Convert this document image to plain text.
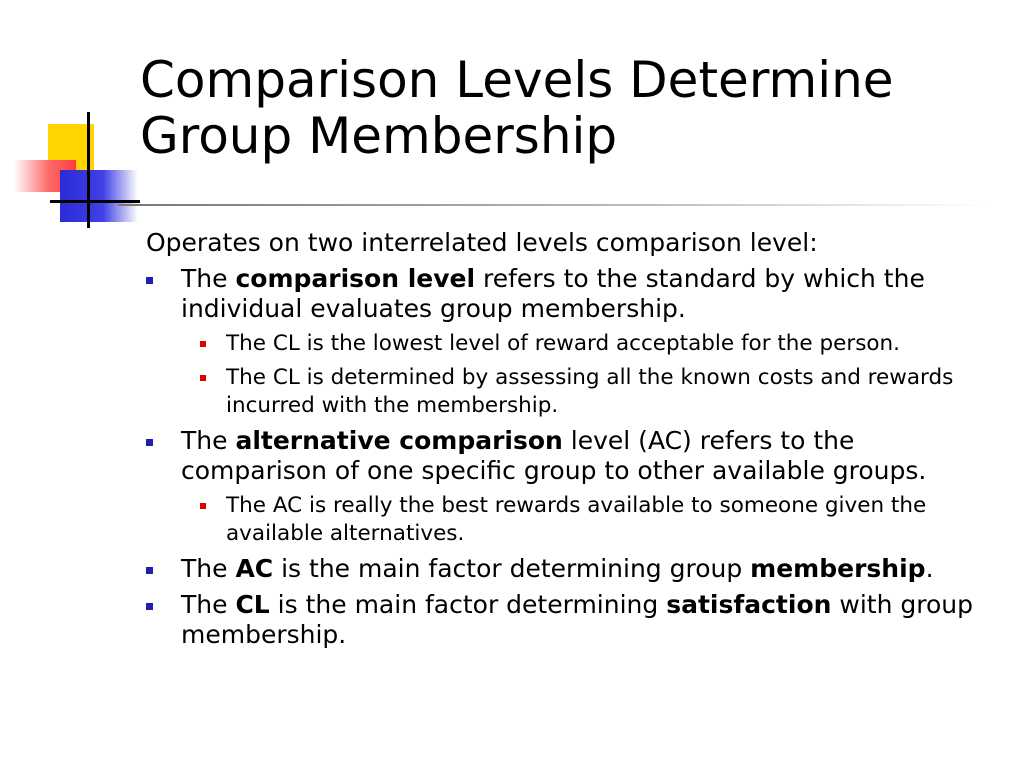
Comparison Levels Determine
Group Membership
Operates on two interrelated levels comparison level:
The comparison level refers to the standard by which the individual evaluates group membership.
The CL is the lowest level of reward acceptable for the person.
The CL is determined by assessing all the known costs and rewards incurred with the membership.
The alternative comparison level (AC) refers to the comparison of one specific group to other available groups.
The AC is really the best rewards available to someone given the available alternatives.
The AC is the main factor determining group membership.
The CL is the main factor determining satisfaction with group membership.
